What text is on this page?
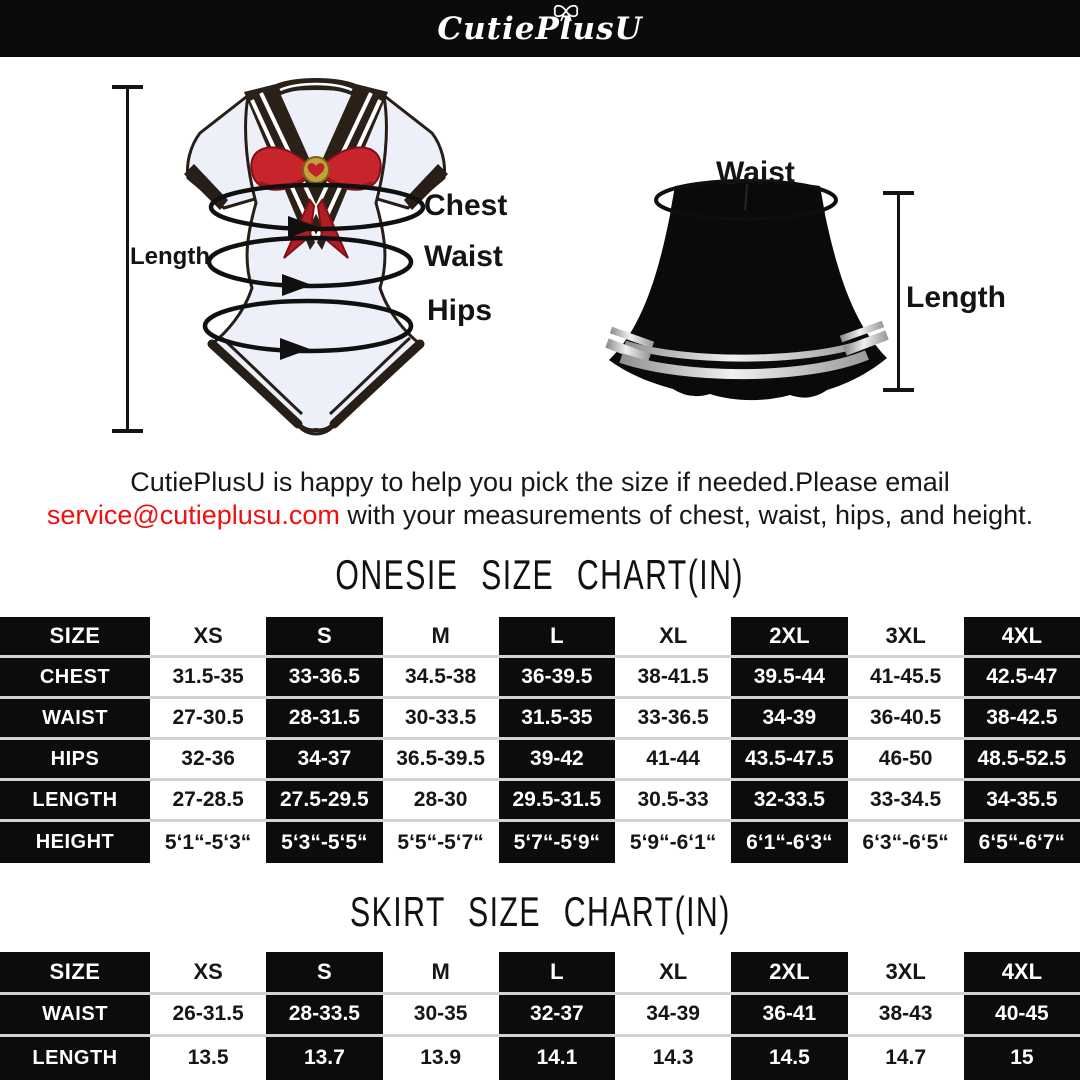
CutiePlusU
Length
Chest
Waist
Hips
Waist
Length
CutiePlusU is happy to help you pick the size if needed.Please email
service@cutieplusu.com with your measurements of chest, waist, hips, and height.
ONESIE SIZE CHART(IN)
SIZE	XS	S	M	L	XL	2XL	3XL	4XL
CHEST	31.5-35	33-36.5	34.5-38	36-39.5	38-41.5	39.5-44	41-45.5	42.5-47
WAIST	27-30.5	28-31.5	30-33.5	31.5-35	33-36.5	34-39	36-40.5	38-42.5
HIPS	32-36	34-37	36.5-39.5	39-42	41-44	43.5-47.5	46-50	48.5-52.5
LENGTH	27-28.5	27.5-29.5	28-30	29.5-31.5	30.5-33	32-33.5	33-34.5	34-35.5
HEIGHT	5‘1“-5‘3“	5‘3“-5‘5“	5‘5“-5‘7“	5‘7“-5‘9“	5‘9“-6‘1“	6‘1“-6‘3“	6‘3“-6‘5“	6‘5“-6‘7“
SKIRT SIZE CHART(IN)
SIZE	XS	S	M	L	XL	2XL	3XL	4XL
WAIST	26-31.5	28-33.5	30-35	32-37	34-39	36-41	38-43	40-45
LENGTH	13.5	13.7	13.9	14.1	14.3	14.5	14.7	15
